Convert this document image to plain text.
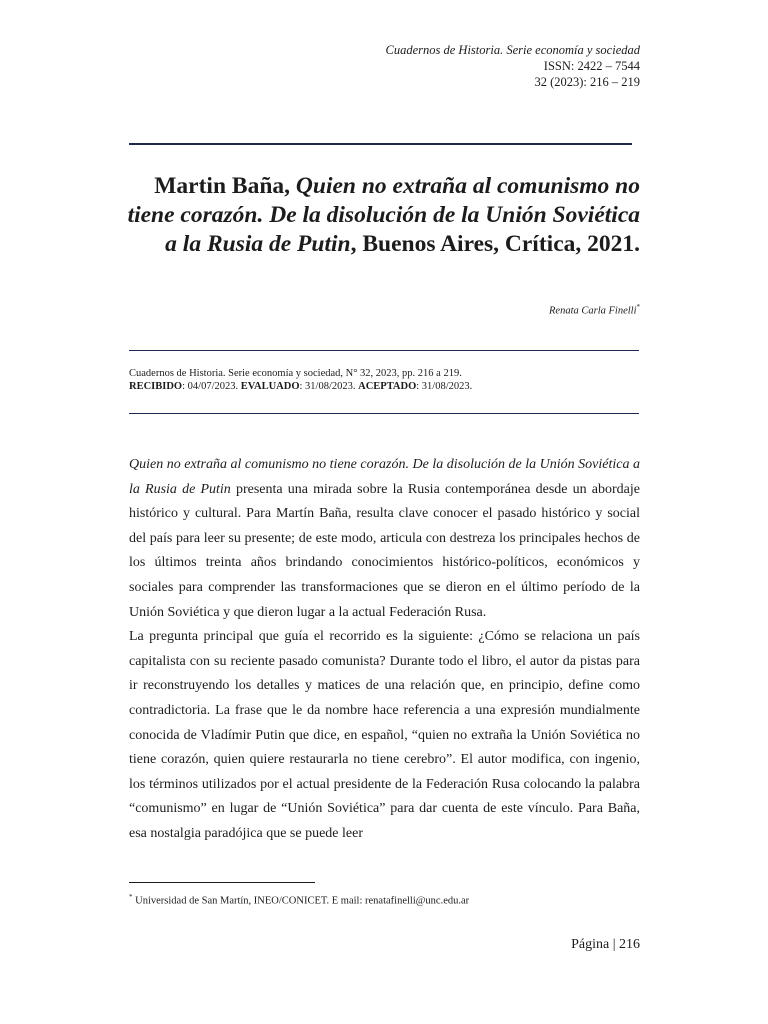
Cuadernos de Historia. Serie economía y sociedad
ISSN: 2422 – 7544
32 (2023): 216 – 219
Martin Baña, Quien no extraña al comunismo no tiene corazón. De la disolución de la Unión Soviética a la Rusia de Putin, Buenos Aires, Crítica, 2021.
Renata Carla Finelli*
Cuadernos de Historia. Serie economía y sociedad, N° 32, 2023, pp. 216 a 219.
RECIBIDO: 04/07/2023. EVALUADO: 31/08/2023. ACEPTADO: 31/08/2023.

Quien no extraña al comunismo no tiene corazón. De la disolución de la Unión Soviética a la Rusia de Putin presenta una mirada sobre la Rusia contemporánea desde un abordaje histórico y cultural. Para Martín Baña, resulta clave conocer el pasado histórico y social del país para leer su presente; de este modo, articula con destreza los principales hechos de los últimos treinta años brindando conocimientos histórico-políticos, económicos y sociales para comprender las transformaciones que se dieron en el último período de la Unión Soviética y que dieron lugar a la actual Federación Rusa.

La pregunta principal que guía el recorrido es la siguiente: ¿Cómo se relaciona un país capitalista con su reciente pasado comunista? Durante todo el libro, el autor da pistas para ir reconstruyendo los detalles y matices de una relación que, en principio, define como contradictoria. La frase que le da nombre hace referencia a una expresión mundialmente conocida de Vladímir Putin que dice, en español, “quien no extraña la Unión Soviética no tiene corazón, quien quiere restaurarla no tiene cerebro”. El autor modifica, con ingenio, los términos utilizados por el actual presidente de la Federación Rusa colocando la palabra “comunismo” en lugar de “Unión Soviética” para dar cuenta de este vínculo. Para Baña, esa nostalgia paradójica que se puede leer

* Universidad de San Martín, INEO/CONICET. E mail: renatafinelli@unc.edu.ar
Página | 216
